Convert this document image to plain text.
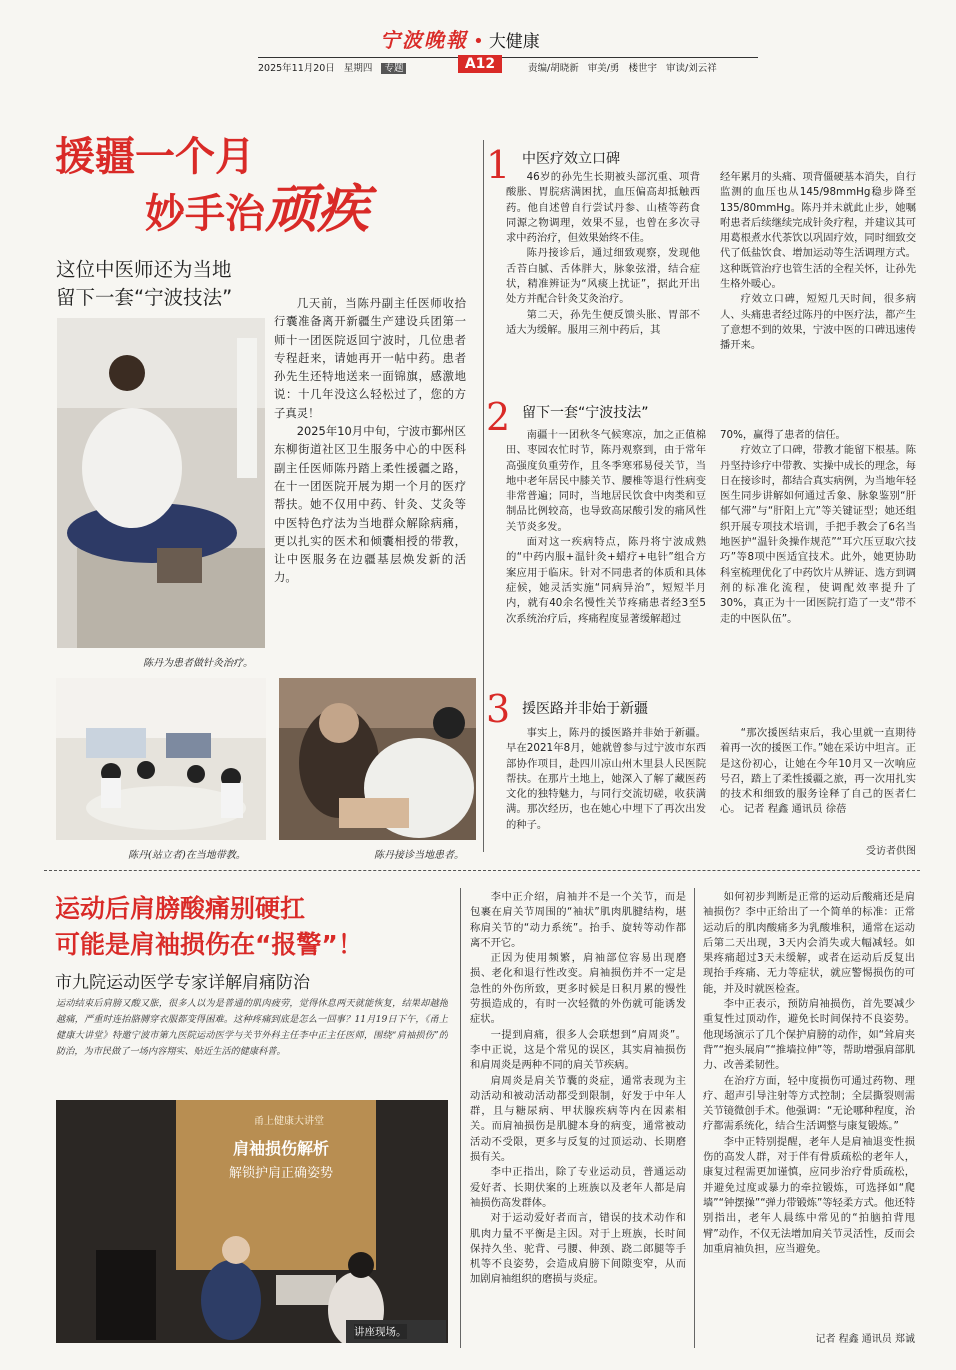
宁波晚報 • 大健康
2025年11月20日 星期四 专题	A12	责编/胡晓新 审美/勇 楼世宇 审读/刘云祥
援疆一个月
妙手治顽疾
这位中医师还为当地
留下一套“宁波技法”	几天前，当陈丹副主任医师收拾行囊准备离开新疆生产建设兵团第一师十一团医院返回宁波时，几位患者专程赶来，请她再开一帖中药。患者孙先生还特地送来一面锦旗，感激地说：十几年没这么轻松过了，您的方子真灵！

2025年10月中旬，宁波市鄞州区东柳街道社区卫生服务中心的中医科副主任医师陈丹踏上柔性援疆之路，在十一团医院开展为期一个月的医疗帮扶。她不仅用中药、针灸、艾灸等中医特色疗法为当地群众解除病痛，更以扎实的医术和倾囊相授的带教，让中医服务在边疆基层焕发新的活力。

陈丹为患者做针灸治疗。
陈丹(站立者)在当地带教。	陈丹接诊当地患者。
1 中医疗效立口碑

46岁的孙先生长期被头部沉重、项背酸胀、胃脘痞满困扰，血压偏高却抵触西药。他自述曾自行尝试丹参、山楂等药食同源之物调理，效果不显，也曾在多次寻求中药治疗，但效果始终不佳。

陈丹接诊后，通过细致观察，发现他舌苔白腻、舌体胖大，脉象弦滑，结合症状，精准辨证为“风痰上扰证”，据此开出处方并配合针灸艾灸治疗。

第二天，孙先生便反馈头胀、胃部不适大为缓解。服用三剂中药后，其

经年累月的头痛、项背僵硬基本消失，自行监测的血压也从145/98mmHg稳步降至135/80mmHg。陈丹并未就此止步，她嘱咐患者后续继续完成针灸疗程，并建议其可用葛根煮水代茶饮以巩固疗效，同时细致交代了低盐饮食、增加运动等生活调理方式。这种既管治疗也管生活的全程关怀，让孙先生格外暖心。

疗效立口碑，短短几天时间，很多病人、头痛患者经过陈丹的中医疗法，都产生了意想不到的效果，宁波中医的口碑迅速传播开来。

2 留下一套“宁波技法”

南疆十一团秋冬气候寒凉，加之正值棉田、枣园农忙时节，陈丹观察到，由于常年高强度负重劳作，且冬季寒邪易侵关节，当地中老年居民中膝关节、腰椎等退行性病变非常普遍；同时，当地居民饮食中肉类和豆制品比例较高，也导致高尿酸引发的痛风性关节炎多发。

面对这一疾病特点，陈丹将宁波成熟的“中药内服+温针灸+蜡疗+电针”组合方案应用于临床。针对不同患者的体质和具体症候，她灵活实施“同病异治”，短短半月内，就有40余名慢性关节疼痛患者经3至5次系统治疗后，疼痛程度显著缓解超过

70%，赢得了患者的信任。

疗效立了口碑，带教才能留下根基。陈丹坚持诊疗中带教、实操中成长的理念，每日在接诊时，都结合真实病例，为当地年轻医生同步讲解如何通过舌象、脉象鉴别“肝郁气滞”与“肝阳上亢”等关键证型；她还组织开展专项技术培训，手把手教会了6名当地医护“温针灸操作规范”“耳穴压豆取穴技巧”等8项中医适宜技术。此外，她更协助科室梳理优化了中药饮片从辨证、选方到调剂的标准化流程，使调配效率提升了30%，真正为十一团医院打造了一支“带不走的中医队伍”。

3 援医路并非始于新疆

事实上，陈丹的援医路并非始于新疆。早在2021年8月，她就曾参与过宁波市东西部协作项目，赴四川凉山州木里县人民医院帮扶。在那片土地上，她深入了解了藏医药文化的独特魅力，与同行交流切磋，收获满满。那次经历，也在她心中埋下了再次出发的种子。

“那次援医结束后，我心里就一直期待着再一次的援医工作。”她在采访中坦言。正是这份初心，让她在今年10月又一次响应号召，踏上了柔性援疆之旅，再一次用扎实的技术和细致的服务诠释了自己的医者仁心。 记者 程鑫 通讯员 徐蓓

受访者供图
运动后肩膀酸痛别硬扛
可能是肩袖损伤在“报警”！
市九院运动医学专家详解肩痛防治
运动结束后肩膀又酸又胀，很多人以为是普通的肌肉疲劳，觉得休息两天就能恢复，结果却越拖越痛，严重时连抬胳膊穿衣服都变得困难。这种疼痛到底是怎么一回事？11月19日下午，《甬上健康大讲堂》特邀宁波市第九医院运动医学与关节外科主任李中正主任医师，围绕“肩袖损伤”的防治，为市民做了一场内容翔实、贴近生活的健康科普。
甬上健康大讲堂
肩袖损伤解析
解锁护肩正确姿势
讲座现场。

李中正介绍，肩袖并不是一个关节，而是包裹在肩关节周围的“袖状”肌肉肌腱结构，堪称肩关节的“动力系统”。抬手、旋转等动作都离不开它。

正因为使用频繁，肩袖部位容易出现磨损、老化和退行性改变。肩袖损伤并不一定是急性的外伤所致，更多时候是日积月累的慢性劳损造成的，有时一次轻微的外伤就可能诱发症状。

一提到肩痛，很多人会联想到“肩周炎”。李中正说，这是个常见的误区，其实肩袖损伤和肩周炎是两种不同的肩关节疾病。

肩周炎是肩关节囊的炎症，通常表现为主动活动和被动活动都受到限制，好发于中年人群，且与糖尿病、甲状腺疾病等内在因素相关。而肩袖损伤是肌腱本身的病变，通常被动活动不受限，更多与反复的过顶运动、长期磨损有关。

李中正指出，除了专业运动员，普通运动爱好者、长期伏案的上班族以及老年人都是肩袖损伤高发群体。

对于运动爱好者而言，错误的技术动作和肌肉力量不平衡是主因。对于上班族，长时间保持久坐、驼背、弓腰、伸颈、跷二郎腿等手机等不良姿势，会造成肩膀下间隙变窄，从而加剧肩袖组织的磨损与炎症。

如何初步判断是正常的运动后酸痛还是肩袖损伤？李中正给出了一个简单的标准：正常运动后的肌肉酸痛多为乳酸堆积，通常在运动后第二天出现，3天内会消失或大幅减轻。如果疼痛超过3天未缓解，或者在运动后反复出现抬手疼痛、无力等症状，就应警惕损伤的可能，并及时就医检查。

李中正表示，预防肩袖损伤，首先要减少重复性过顶动作，避免长时间保持不良姿势。他现场演示了几个保护肩膀的动作，如“耸肩夹背”“抱头展肩”“推墙拉伸”等，帮助增强肩部肌力、改善柔韧性。

在治疗方面，轻中度损伤可通过药物、理疗、超声引导注射等方式控制；全层撕裂则需关节镜微创手术。他强调：“无论哪种程度，治疗都需系统化，结合生活调整与康复锻炼。”

李中正特别提醒，老年人是肩袖退变性损伤的高发人群，对于伴有骨质疏松的老年人，康复过程需更加谨慎，应同步治疗骨质疏松，并避免过度或暴力的牵拉锻炼，可选择如“爬墙”“钟摆操”“弹力带锻炼”等轻柔方式。他还特别指出，老年人晨练中常见的“拍脑拍背甩臂”动作，不仅无法增加肩关节灵活性，反而会加重肩袖负担，应当避免。

记者 程鑫 通讯员 郑诚
